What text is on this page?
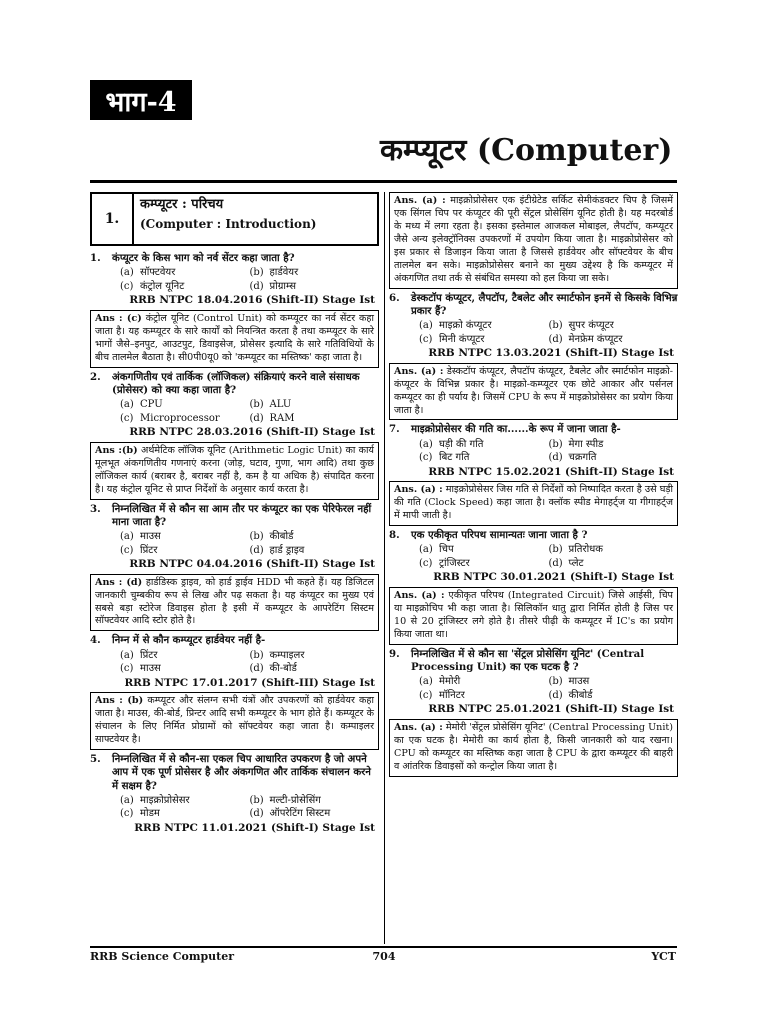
भाग-4
कम्प्यूटर (Computer)
1.
कम्प्यूटर : परिचय
(Computer : Introduction)
1.	कंप्यूटर के किस भाग को नर्व सेंटर कहा जाता है?
(a) सॉफ्टवेयर	(b) हार्डवेयर
(c) कंट्रोल यूनिट	(d) प्रोग्राम्स
RRB NTPC 18.04.2016 (Shift-II) Stage Ist
Ans : (c) कंट्रोल यूनिट (Control Unit) को कम्प्यूटर का नर्व सेंटर कहा जाता है। यह कम्प्यूटर के सारे कार्यों को नियन्त्रित करता है तथा कम्प्यूटर के सारे भागों जैसे–इनपुट, आउटपुट, डिवाइसेज, प्रोसेसर इत्यादि के सारे गतिविधियों के बीच तालमेल बैठाता है। सी0पी0यू0 को 'कम्प्यूटर का मस्तिष्क' कहा जाता है।
2.	अंकगणितीय एवं तार्किक (लॉजिकल) संक्रियाएं करने वाले संसाधक (प्रोसेसर) को क्या कहा जाता है?
(a) CPU	(b) ALU
(c) Microprocessor	(d) RAM
RRB NTPC 28.03.2016 (Shift-II) Stage Ist
Ans :(b) अर्थमेटिक लॉजिक यूनिट (Arithmetic Logic Unit) का कार्य मूलभूत अंकगणितीय गणनाएं करना (जोड़, घटाव, गुणा, भाग आदि) तथा कुछ लॉजिकल कार्य (बराबर है, बराबर नहीं है, कम है या अधिक है) संपादित करना है। यह कंट्रोल यूनिट से प्राप्त निर्देशों के अनुसार कार्य करता है।
3.	निम्नलिखित में से कौन सा आम तौर पर कंप्यूटर का एक पेरिफेरल नहीं माना जाता है?
(a) माउस	(b) कीबोर्ड
(c) प्रिंटर	(d) हार्ड ड्राइव
RRB NTPC 04.04.2016 (Shift-II) Stage Ist
Ans : (d) हार्डडिस्क ड्राइव, को हार्ड ड्राईव HDD भी कहते हैं। यह डिजिटल जानकारी चुम्बकीय रूप से लिख और पढ़ सकता है। यह कंप्यूटर का मुख्य एवं सबसे बड़ा स्टोरेज डिवाइस होता है इसी में कम्प्यूटर के आपरेटिंग सिस्टम सॉफ्टवेयर आदि स्टोर होते है।
4.	निम्न में से कौन कम्प्यूटर हार्डवेयर नहीं है-
(a) प्रिंटर	(b) कम्पाइलर
(c) माउस	(d) की-बोर्ड
RRB NTPC 17.01.2017 (Shift-III) Stage Ist
Ans : (b) कम्प्यूटर और संलग्न सभी यंत्रों और उपकरणों को हार्डवेयर कहा जाता है। माउस, की-बोर्ड, प्रिन्टर आदि सभी कम्प्यूटर के भाग होते हैं। कम्प्यूटर के संचालन के लिए निर्मित प्रोग्रामों को सॉफ्टवेयर कहा जाता है। कम्पाइलर साफ्टवेयर है।
5.	निम्नलिखित में से कौन-सा एकल चिप आधारित उपकरण है जो अपने आप में एक पूर्ण प्रोसेसर है और अंकगणित और तार्किक संचालन करने में सक्षम है?
(a) माइक्रोप्रोसेसर	(b) मल्टी-प्रोसेसिंग
(c) मोडम	(d) ऑपरेटिंग सिस्टम
RRB NTPC 11.01.2021 (Shift-I) Stage Ist
Ans. (a) : माइक्रोप्रोसेसर एक इंटीग्रेटेड सर्किट सेमीकंडक्टर चिप है जिसमें एक सिंगल चिप पर कंप्यूटर की पूरी सेंट्रल प्रोसेसिंग यूनिट होती है। यह मदरबोर्ड के मध्य में लगा रहता है। इसका इस्तेमाल आजकल मोबाइल, लैपटॉप, कम्प्यूटर जैसे अन्य इलेक्ट्रॉनिक्स उपकरणों में उपयोग किया जाता है। माइक्रोप्रोसेसर को इस प्रकार से डिजाइन किया जाता है जिससे हार्डवेयर और सॉफ्टवेयर के बीच तालमेल बन सके। माइक्रोप्रोसेसर बनाने का मुख्य उद्देश्य है कि कम्प्यूटर में अंकगणित तथा तर्क से संबंधित समस्या को हल किया जा सके।
6.	डेस्कटॉप कंप्यूटर, लैपटॉप, टैबलेट और स्मार्टफोन इनमें से किसके विभिन्न प्रकार हैं?
(a) माइक्रो कंप्यूटर	(b) सुपर कंप्यूटर
(c) मिनी कंप्यूटर	(d) मेनफ्रेम कंप्यूटर
RRB NTPC 13.03.2021 (Shift-II) Stage Ist
Ans. (a) : डेस्कटॉप कंप्यूटर, लैपटॉप कंप्यूटर, टैबलेट और स्मार्टफोन माइक्रो-कंप्यूटर के विभिन्न प्रकार है। माइक्रो-कम्प्यूटर एक छोटे आकार और पर्सनल कम्प्यूटर का ही पर्याय है। जिसमें CPU के रूप में माइक्रोप्रोसेसर का प्रयोग किया जाता है।
7.	माइक्रोप्रोसेसर की गति का......के रूप में जाना जाता है-
(a) घड़ी की गति	(b) मेगा स्पीड
(c) बिट गति	(d) चक्रगति
RRB NTPC 15.02.2021 (Shift-II) Stage Ist
Ans. (a) : माइक्रोप्रोसेसर जिस गति से निर्देशों को निष्पादित करता है उसे घड़ी की गति (Clock Speed) कहा जाता है। क्लॉक स्पीड मेगाहर्ट्ज या गीगाहर्ट्ज में मापी जाती है।
8.	एक एकीकृत परिपथ सामान्यतः जाना जाता है ?
(a) चिप	(b) प्रतिरोधक
(c) ट्रांजिस्टर	(d) प्लेट
RRB NTPC 30.01.2021 (Shift-I) Stage Ist
Ans. (a) : एकीकृत परिपथ (Integrated Circuit) जिसे आईसी, चिप या माइक्रोचिप भी कहा जाता है। सिलिकॉन धातु द्वारा निर्मित होती है जिस पर 10 से 20 ट्रांजिस्टर लगे होते है। तीसरे पीढ़ी के कम्प्यूटर में IC's का प्रयोग किया जाता था।
9.	निम्नलिखित में से कौन सा 'सेंट्रल प्रोसेसिंग यूनिट' (Central Processing Unit) का एक घटक है ?
(a) मेमोरी	(b) माउस
(c) मॉनिटर	(d) कीबोर्ड
RRB NTPC 25.01.2021 (Shift-II) Stage Ist
Ans. (a) : मेमोरी 'सेंट्रल प्रोसेसिंग यूनिट' (Central Processing Unit) का एक घटक है। मेमोरी का कार्य होता है, किसी जानकारी को याद रखना। CPU को कम्प्यूटर का मस्तिष्क कहा जाता है CPU के द्वारा कम्प्यूटर की बाहरी व आंतरिक डिवाइसों को कन्ट्रोल किया जाता है।
RRB Science Computer	704	YCT
